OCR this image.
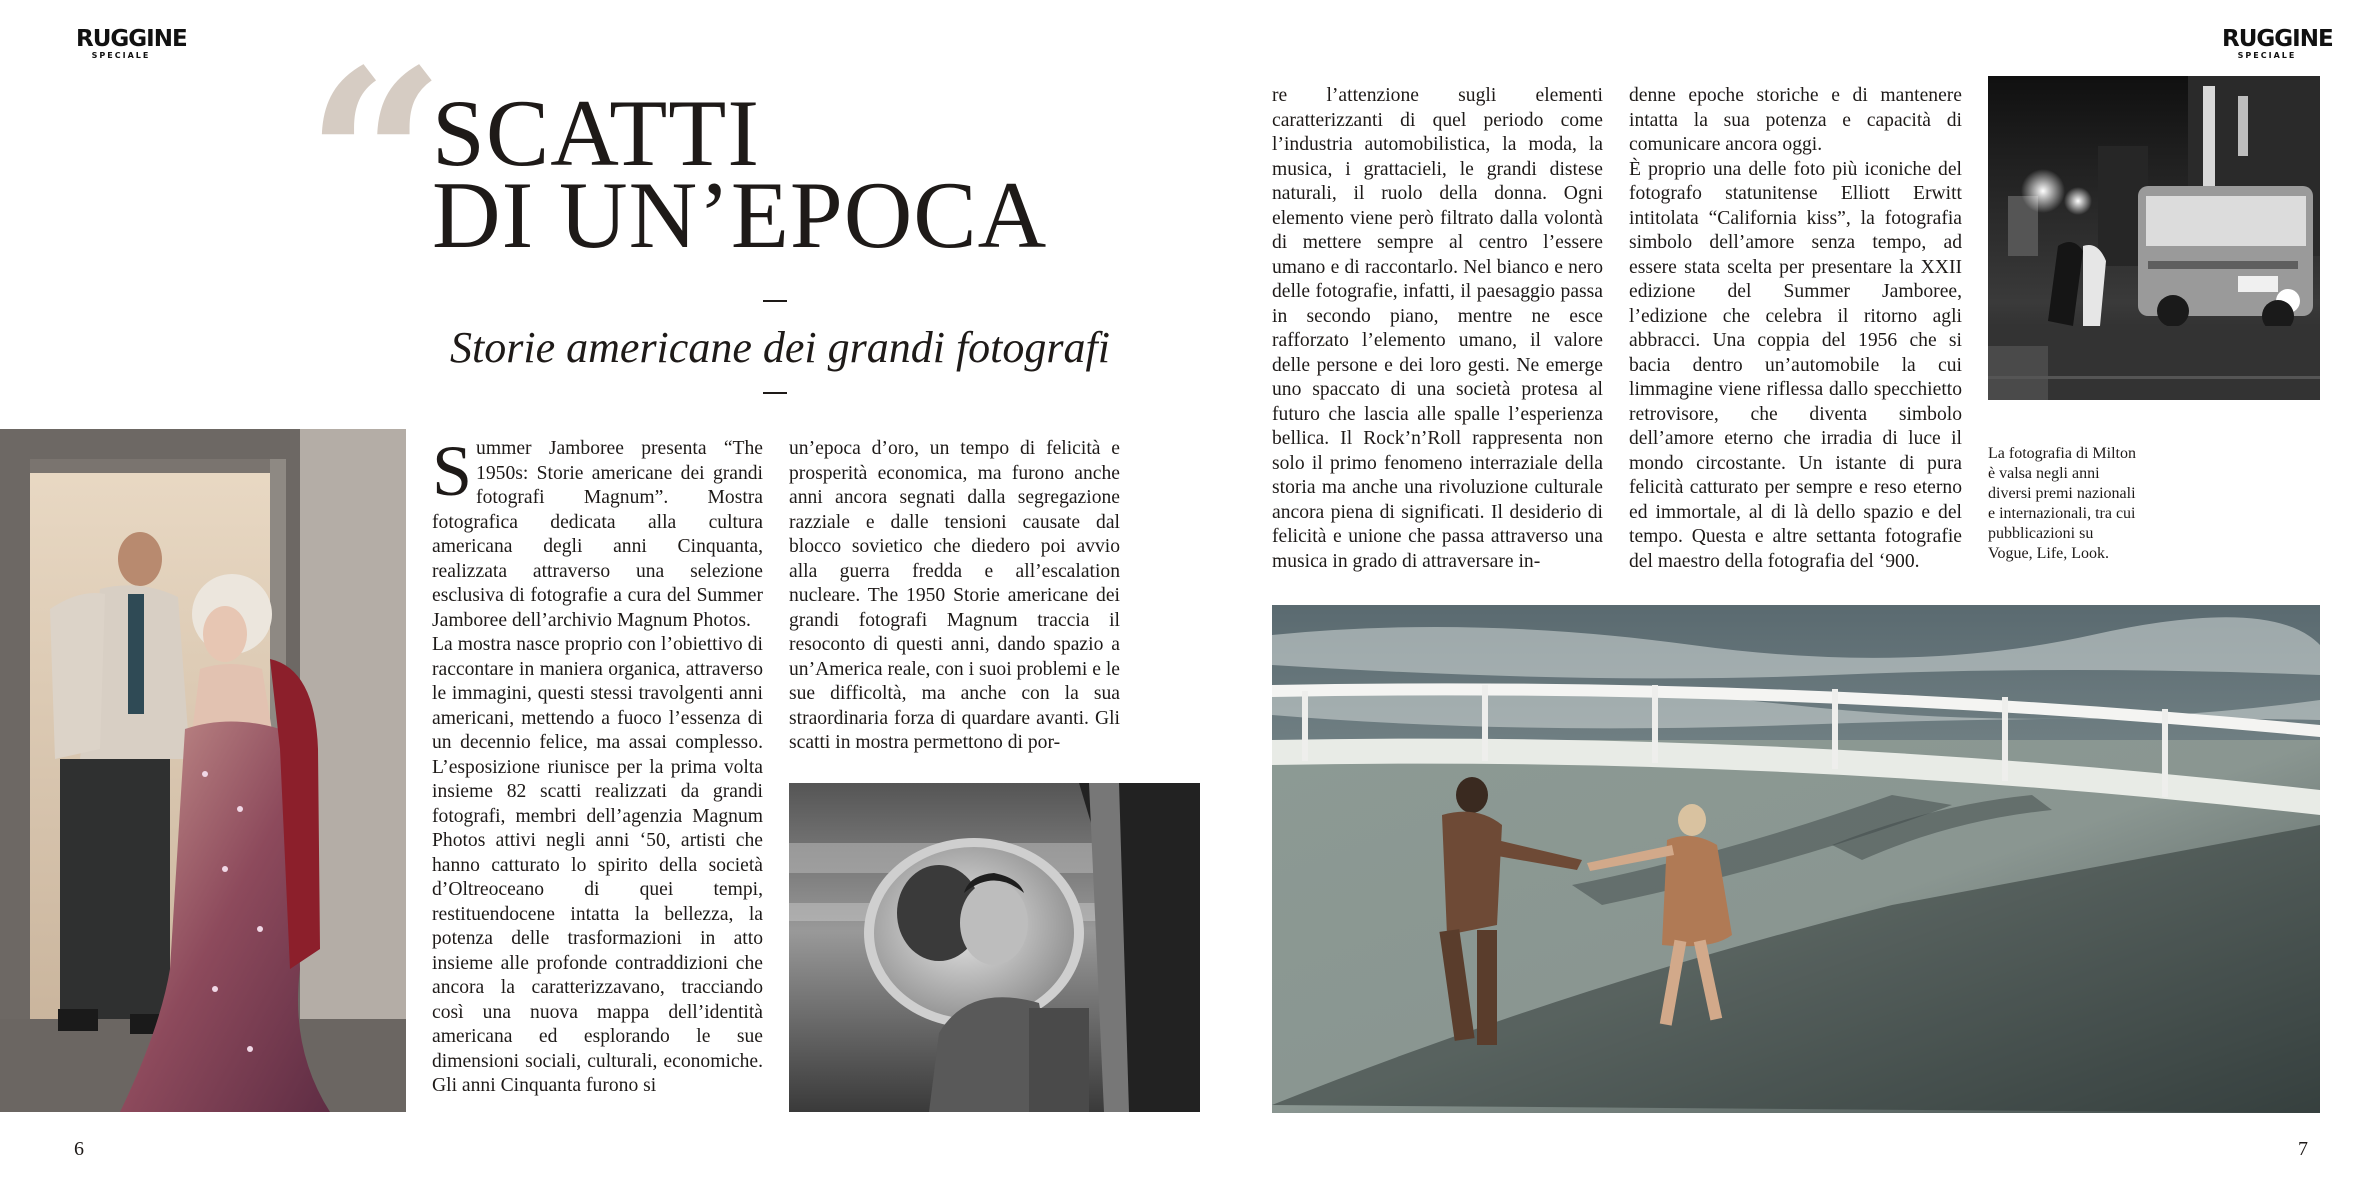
RUGGINE
SPECIALE
RUGGINE
SPECIALE
“
SCATTI
DI UN’EPOCA
Storie americane dei grandi fotografi

Summer Jamboree presenta “The 1950s: Storie americane dei grandi fotografi Magnum”. Mostra fotografica dedicata alla cultura americana degli anni Cinquanta, realizzata attraverso una selezione esclusiva di fotografie a cura del Summer Jamboree dell’archivio Magnum Photos.

La mostra nasce proprio con l’obiettivo di raccontare in maniera organica, attraverso le immagini, questi stessi travolgenti anni americani, mettendo a fuoco l’essenza di un decennio felice, ma assai complesso. L’esposizione riunisce per la prima volta insieme 82 scatti realizzati da grandi fotografi, membri dell’agenzia Magnum Photos attivi negli anni ‘50, artisti che hanno catturato lo spirito della società d’Oltreoceano di quei tempi, restituendocene intatta la bellezza, la potenza delle trasformazioni in atto insieme alle profonde contraddizioni che ancora la caratterizzavano, tracciando così una nuova mappa dell’identità americana ed esplorando le sue dimensioni sociali, culturali, economiche. Gli anni Cinquanta furono si

un’epoca d’oro, un tempo di felicità e prosperità economica, ma furono anche anni ancora segnati dalla segregazione razziale e dalle tensioni causate dal blocco sovietico che diedero poi avvio alla guerra fredda e all’escalation nucleare. The 1950 Storie americane dei grandi fotografi Magnum traccia il resoconto di questi anni, dando spazio a un’America reale, con i suoi problemi e le sue difficoltà, ma anche con la sua straordinaria forza di quardare avanti. Gli scatti in mostra permettono di por-

re l’attenzione sugli elementi caratterizzanti di quel periodo come l’industria automobilistica, la moda, la musica, i grattacieli, le grandi distese naturali, il ruolo della donna. Ogni elemento viene però filtrato dalla volontà di mettere sempre al centro l’essere umano e di raccontarlo. Nel bianco e nero delle fotografie, infatti, il paesaggio passa in secondo piano, mentre ne esce rafforzato l’elemento umano, il valore delle persone e dei loro gesti. Ne emerge uno spaccato di una società protesa al futuro che lascia alle spalle l’esperienza bellica. Il Rock’n’Roll rappresenta non solo il primo fenomeno interraziale della storia ma anche una rivoluzione culturale ancora piena di significati. Il desiderio di felicità e unione che passa attraverso una musica in grado di attraversare in-

denne epoche storiche e di mantenere intatta la sua potenza e capacità di comunicare ancora oggi.

È proprio una delle foto più iconiche del fotografo statunitense Elliott Erwitt intitolata “California kiss”, la fotografia simbolo dell’amore senza tempo, ad essere stata scelta per presentare la XXII edizione del Summer Jamboree, l’edizione che celebra il ritorno agli abbracci. Una coppia del 1956 che si bacia dentro un’automobile la cui limmagine viene riflessa dallo specchietto retrovisore, che diventa simbolo dell’amore eterno che irradia di luce il mondo circostante. Un istante di pura felicità catturato per sempre e reso eterno ed immortale, al di là dello spazio e del tempo. Questa e altre settanta fotografie del maestro della fotografia del ‘900.

La fotografia di Milton è valsa negli anni diversi premi nazionali e internazionali, tra cui pubblicazioni su Vogue, Life, Look.
6	7
